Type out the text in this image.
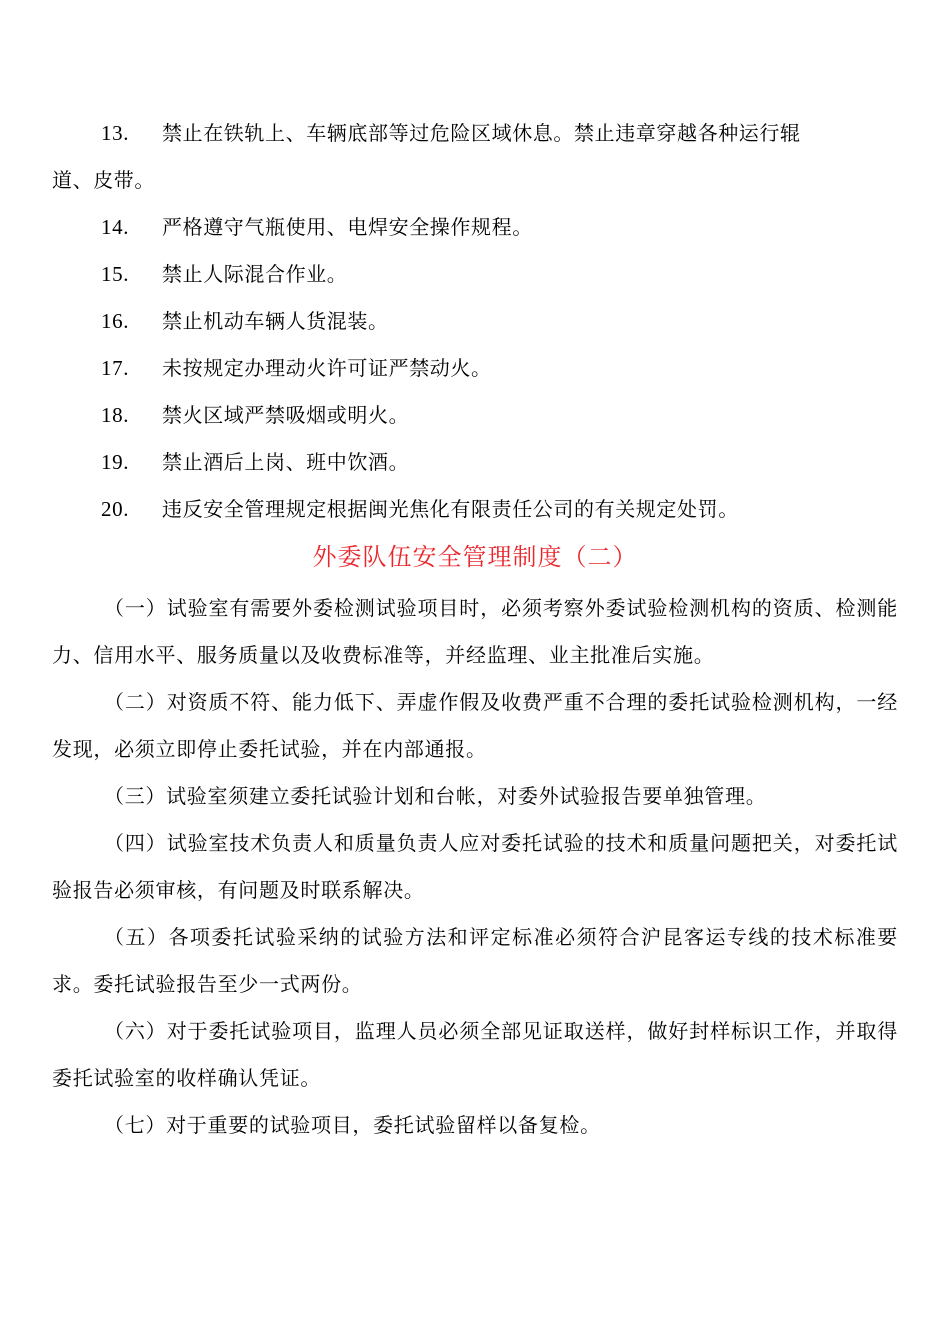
13. 禁止在铁轨上、车辆底部等过危险区域休息。禁止违章穿越各种运行辊
道、皮带。

14. 严格遵守气瓶使用、电焊安全操作规程。

15. 禁止人际混合作业。

16. 禁止机动车辆人货混装。

17. 未按规定办理动火许可证严禁动火。

18. 禁火区域严禁吸烟或明火。

19. 禁止酒后上岗、班中饮酒。

20. 违反安全管理规定根据闽光焦化有限责任公司的有关规定处罚。

外委队伍安全管理制度（二）

（一）试验室有需要外委检测试验项目时，必须考察外委试验检测机构的资质、检测能力、信用水平、服务质量以及收费标准等，并经监理、业主批准后实施。

（二）对资质不符、能力低下、弄虚作假及收费严重不合理的委托试验检测机构，一经发现，必须立即停止委托试验，并在内部通报。

（三）试验室须建立委托试验计划和台帐，对委外试验报告要单独管理。

（四）试验室技术负责人和质量负责人应对委托试验的技术和质量问题把关，对委托试验报告必须审核，有问题及时联系解决。

（五）各项委托试验采纳的试验方法和评定标准必须符合沪昆客运专线的技术标准要求。委托试验报告至少一式两份。

（六）对于委托试验项目，监理人员必须全部见证取送样，做好封样标识工作，并取得委托试验室的收样确认凭证。

（七）对于重要的试验项目，委托试验留样以备复检。
